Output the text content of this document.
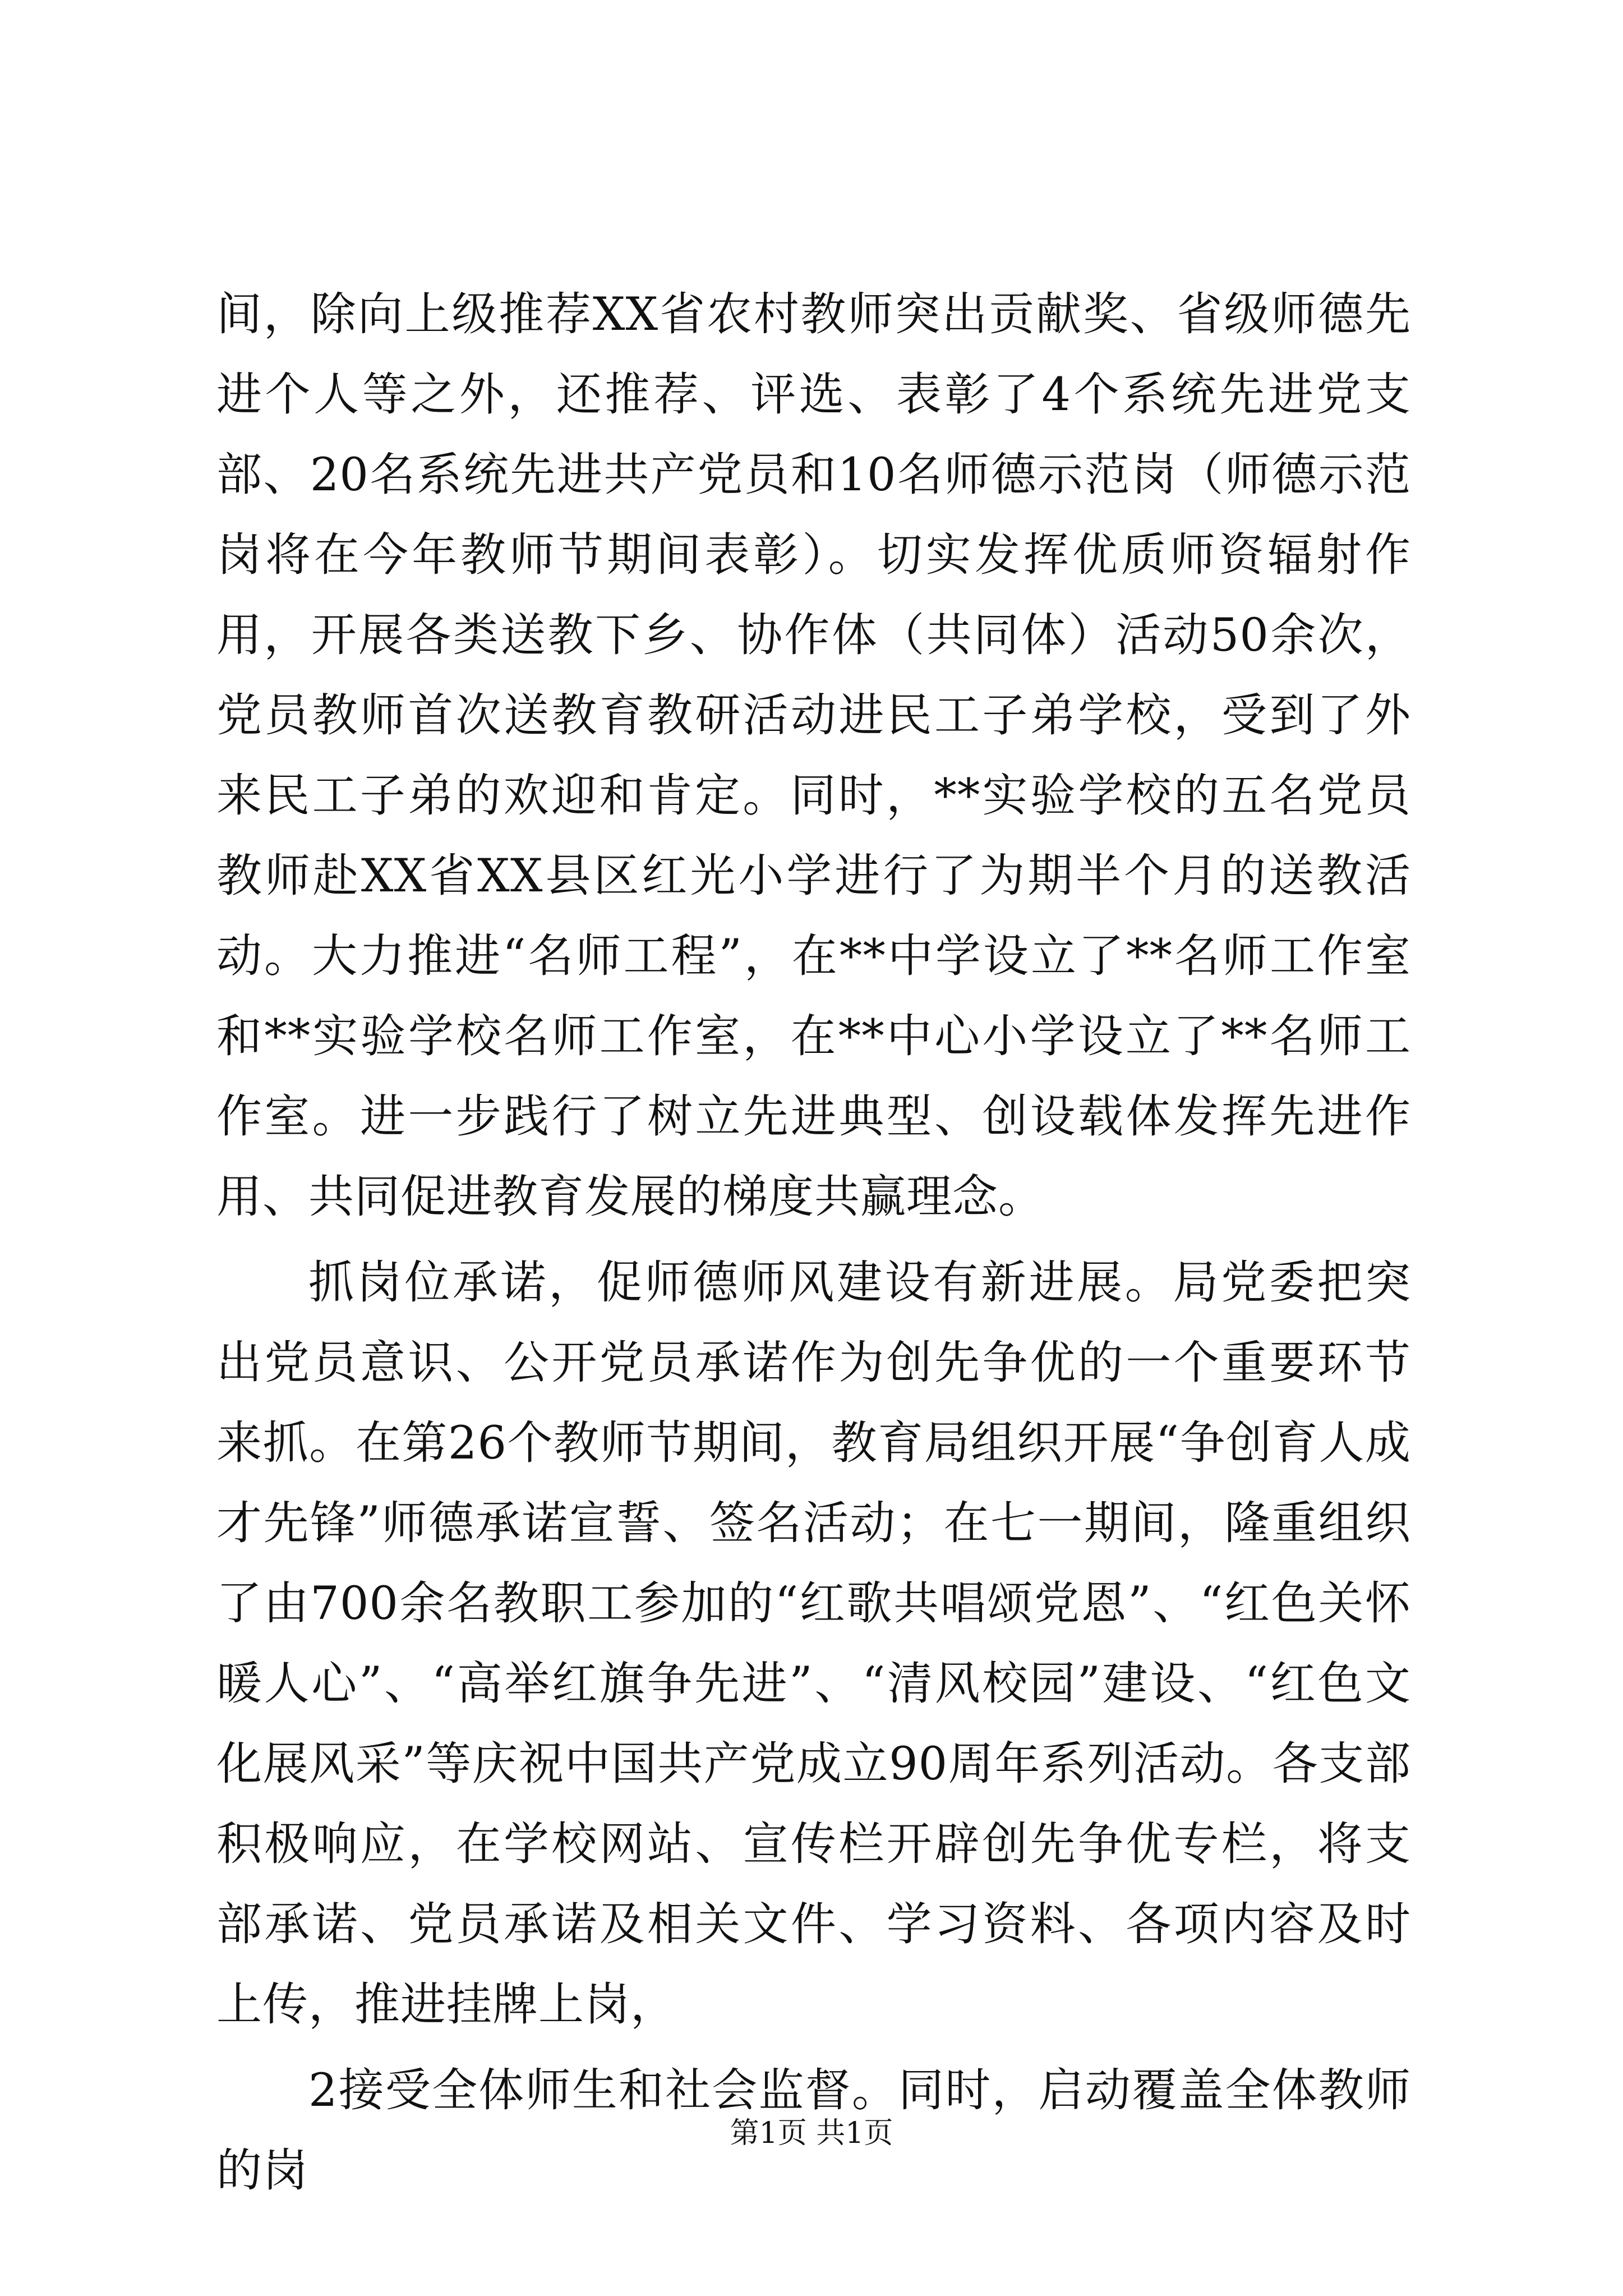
间，除向上级推荐XX省农村教师突出贡献奖、省级师德先进个人等之外，还推荐、评选、表彰了4个系统先进党支部、20名系统先进共产党员和10名师德示范岗（师德示范岗将在今年教师节期间表彰）。切实发挥优质师资辐射作用，开展各类送教下乡、协作体（共同体）活动50余次，党员教师首次送教育教研活动进民工子弟学校，受到了外来民工子弟的欢迎和肯定。同时，**实验学校的五名党员教师赴XX省XX县区红光小学进行了为期半个月的送教活动。大力推进“名师工程”，在**中学设立了**名师工作室和**实验学校名师工作室，在**中心小学设立了**名师工作室。进一步践行了树立先进典型、创设载体发挥先进作用、共同促进教育发展的梯度共赢理念。

抓岗位承诺，促师德师风建设有新进展。局党委把突出党员意识、公开党员承诺作为创先争优的一个重要环节来抓。在第26个教师节期间，教育局组织开展“争创育人成才先锋”师德承诺宣誓、签名活动；在七一期间，隆重组织了由700余名教职工参加的“红歌共唱颂党恩”、“红色关怀暖人心”、“高举红旗争先进”、“清风校园”建设、“红色文化展风采”等庆祝中国共产党成立90周年系列活动。各支部积极响应，在学校网站、宣传栏开辟创先争优专栏，将支部承诺、党员承诺及相关文件、学习资料、各项内容及时上传，推进挂牌上岗，

2接受全体师生和社会监督。同时，启动覆盖全体教师的岗

第1页 共1页
